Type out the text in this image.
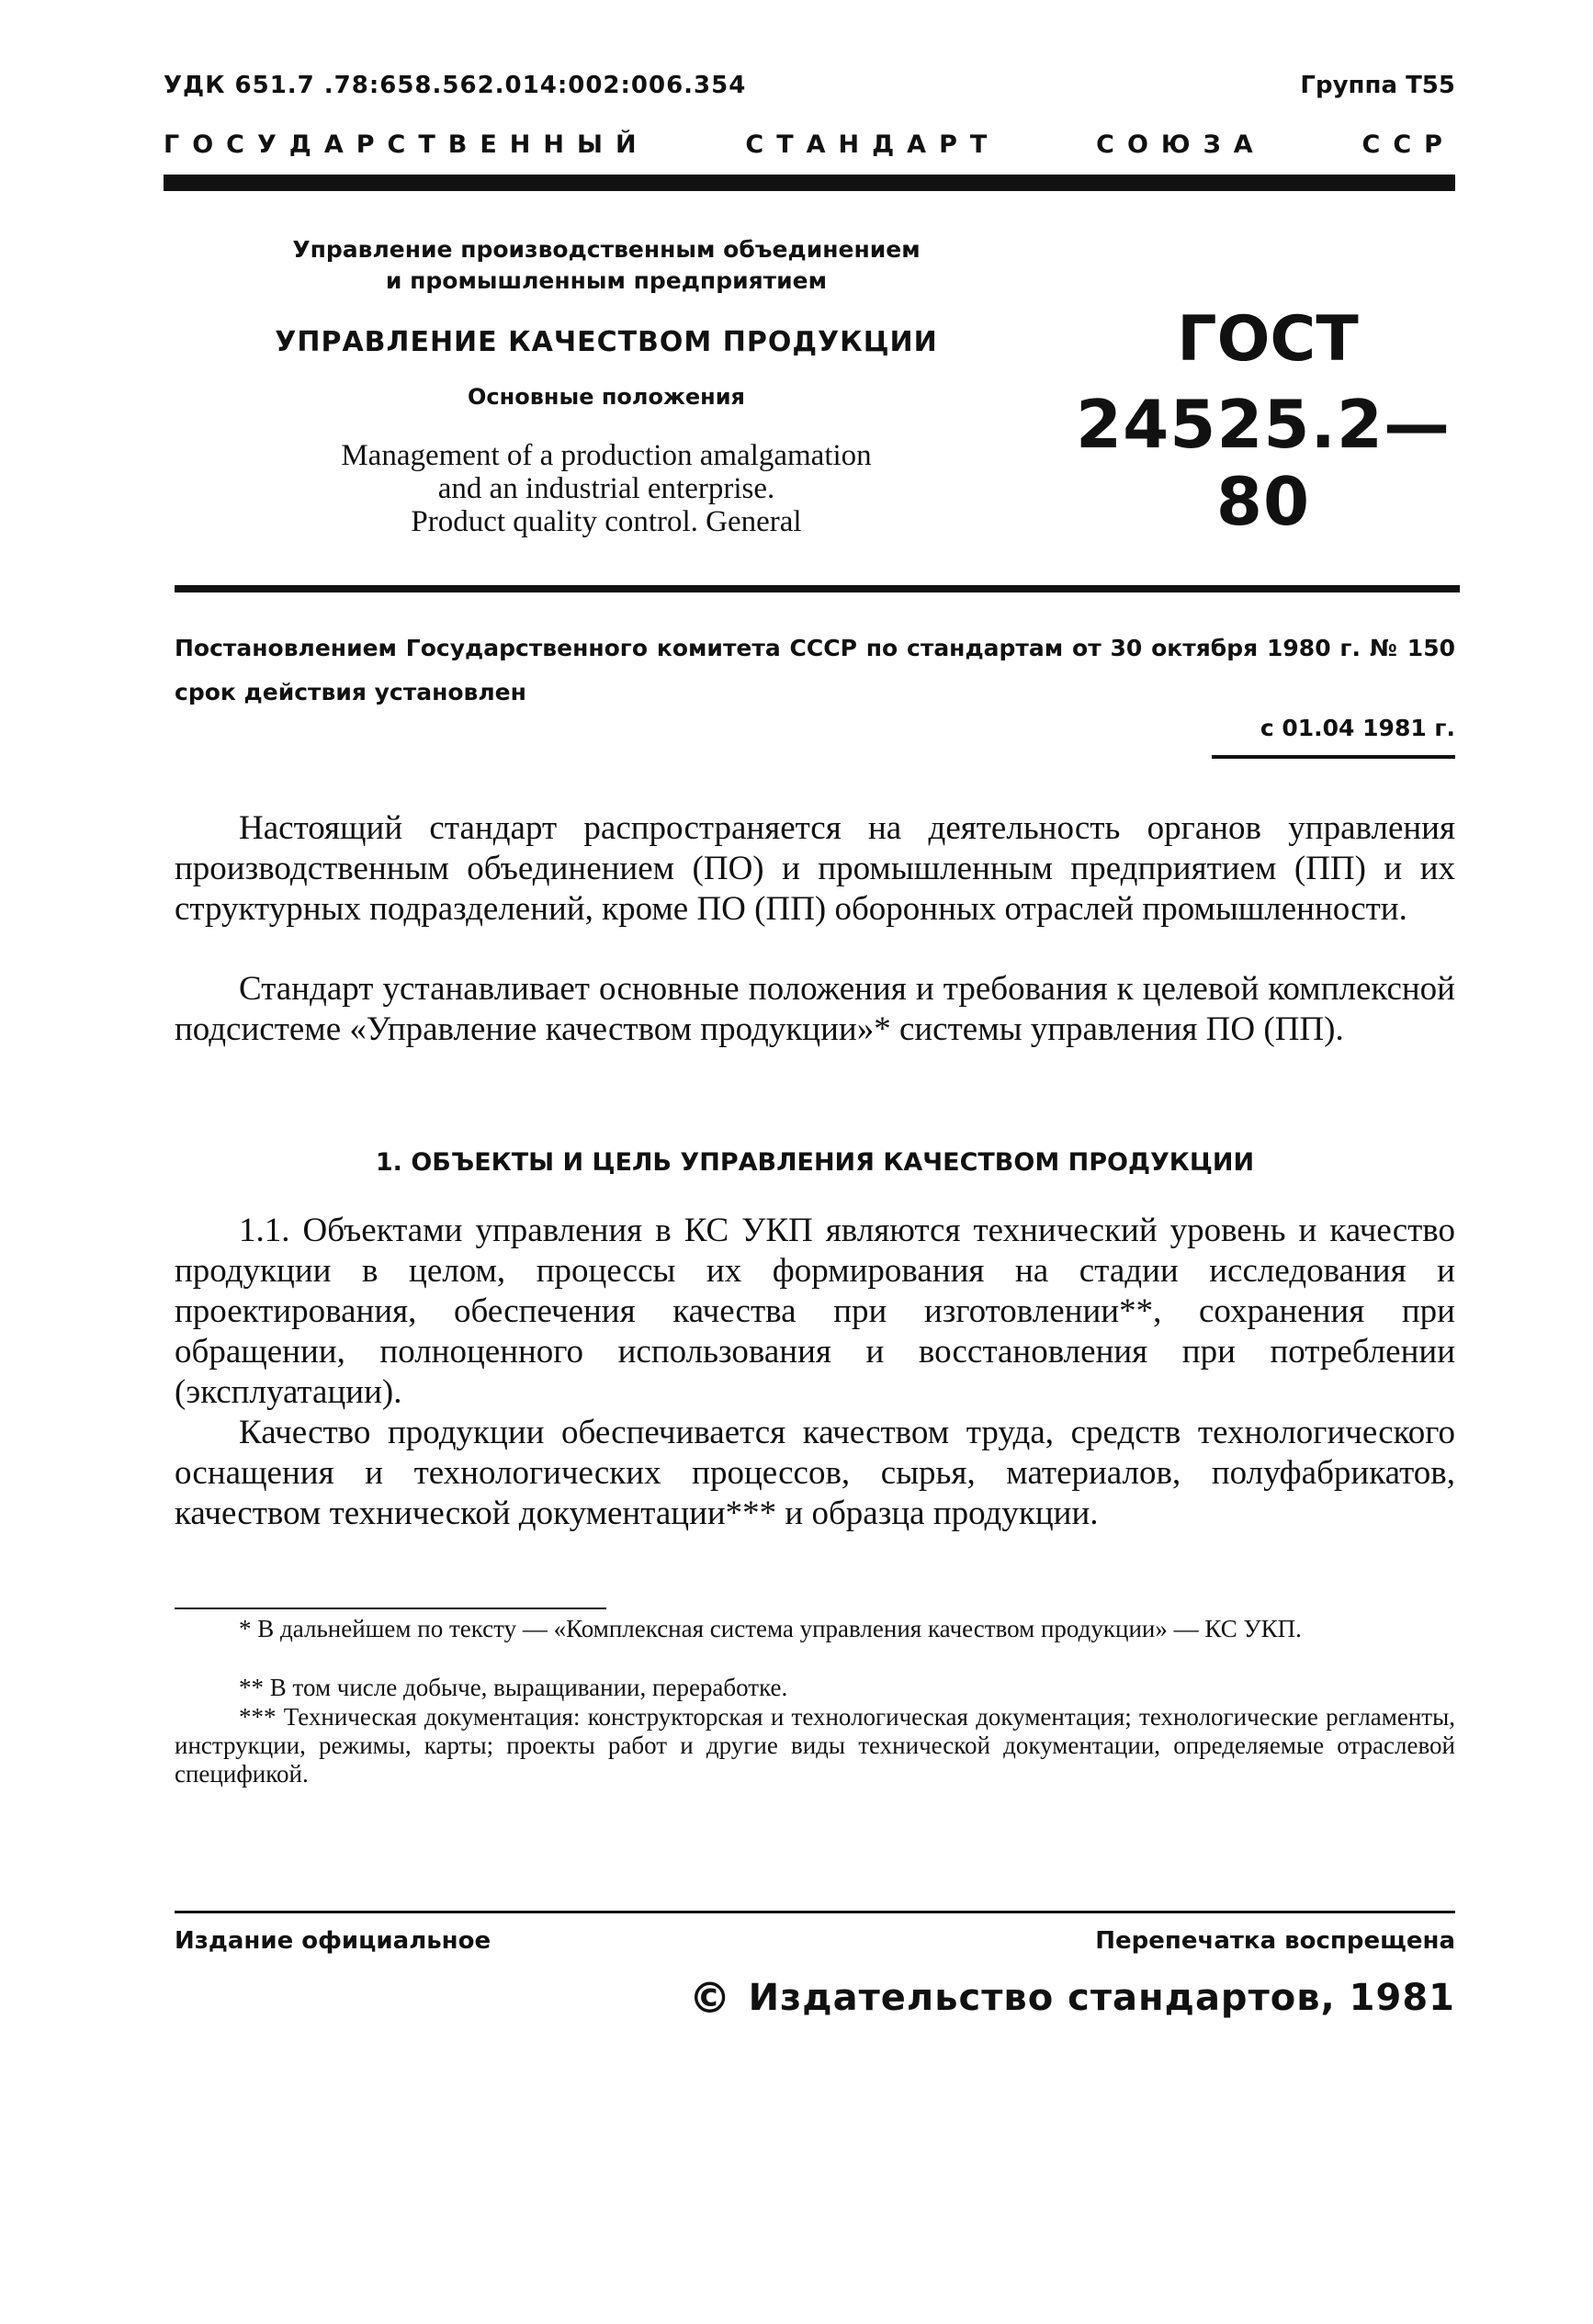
УДК 651.7 .78:658.562.014:002:006.354	Группа Т55
ГОСУДАРСТВЕННЫЙ	СТАНДАРТ	СОЮЗА	ССР
Управление производственным объединением
и промышленным предприятием
УПРАВЛЕНИЕ КАЧЕСТВОМ ПРОДУКЦИИ
Основные положения
Management of a production amalgamation
and an industrial enterprise.
Product quality control. General
ГОСТ
24525.2—80
Постановлением Государственного комитета СССР по стандартам от 30 октября 1980 г. № 150 срок действия установлен
с 01.04 1981 г.
Настоящий стандарт распространяется на деятельность органов управления производственным объединением (ПО) и промышленным предприятием (ПП) и их структурных подразделений, кроме ПО (ПП) оборонных отраслей промышленности.
Стандарт устанавливает основные положения и требования к целевой комплексной подсистеме «Управление качеством продукции»* системы управления ПО (ПП).
1. ОБЪЕКТЫ И ЦЕЛЬ УПРАВЛЕНИЯ КАЧЕСТВОМ ПРОДУКЦИИ
1.1. Объектами управления в КС УКП являются технический уровень и качество продукции в целом, процессы их формирования на стадии исследования и проектирования, обеспечения качества при изготовлении**, сохранения при обращении, полноценного использования и восстановления при потреблении (эксплуатации).
Качество продукции обеспечивается качеством труда, средств технологического оснащения и технологических процессов, сырья, материалов, полуфабрикатов, качеством технической документации*** и образца продукции.
* В дальнейшем по тексту — «Комплексная система управления качеством продукции» — КС УКП.
** В том числе добыче, выращивании, переработке.
*** Техническая документация: конструкторская и технологическая документация; технологические регламенты, инструкции, режимы, карты; проекты работ и другие виды технической документации, определяемые отраслевой спецификой.
Издание официальное	Перепечатка воспрещена
© Издательство стандартов, 1981
